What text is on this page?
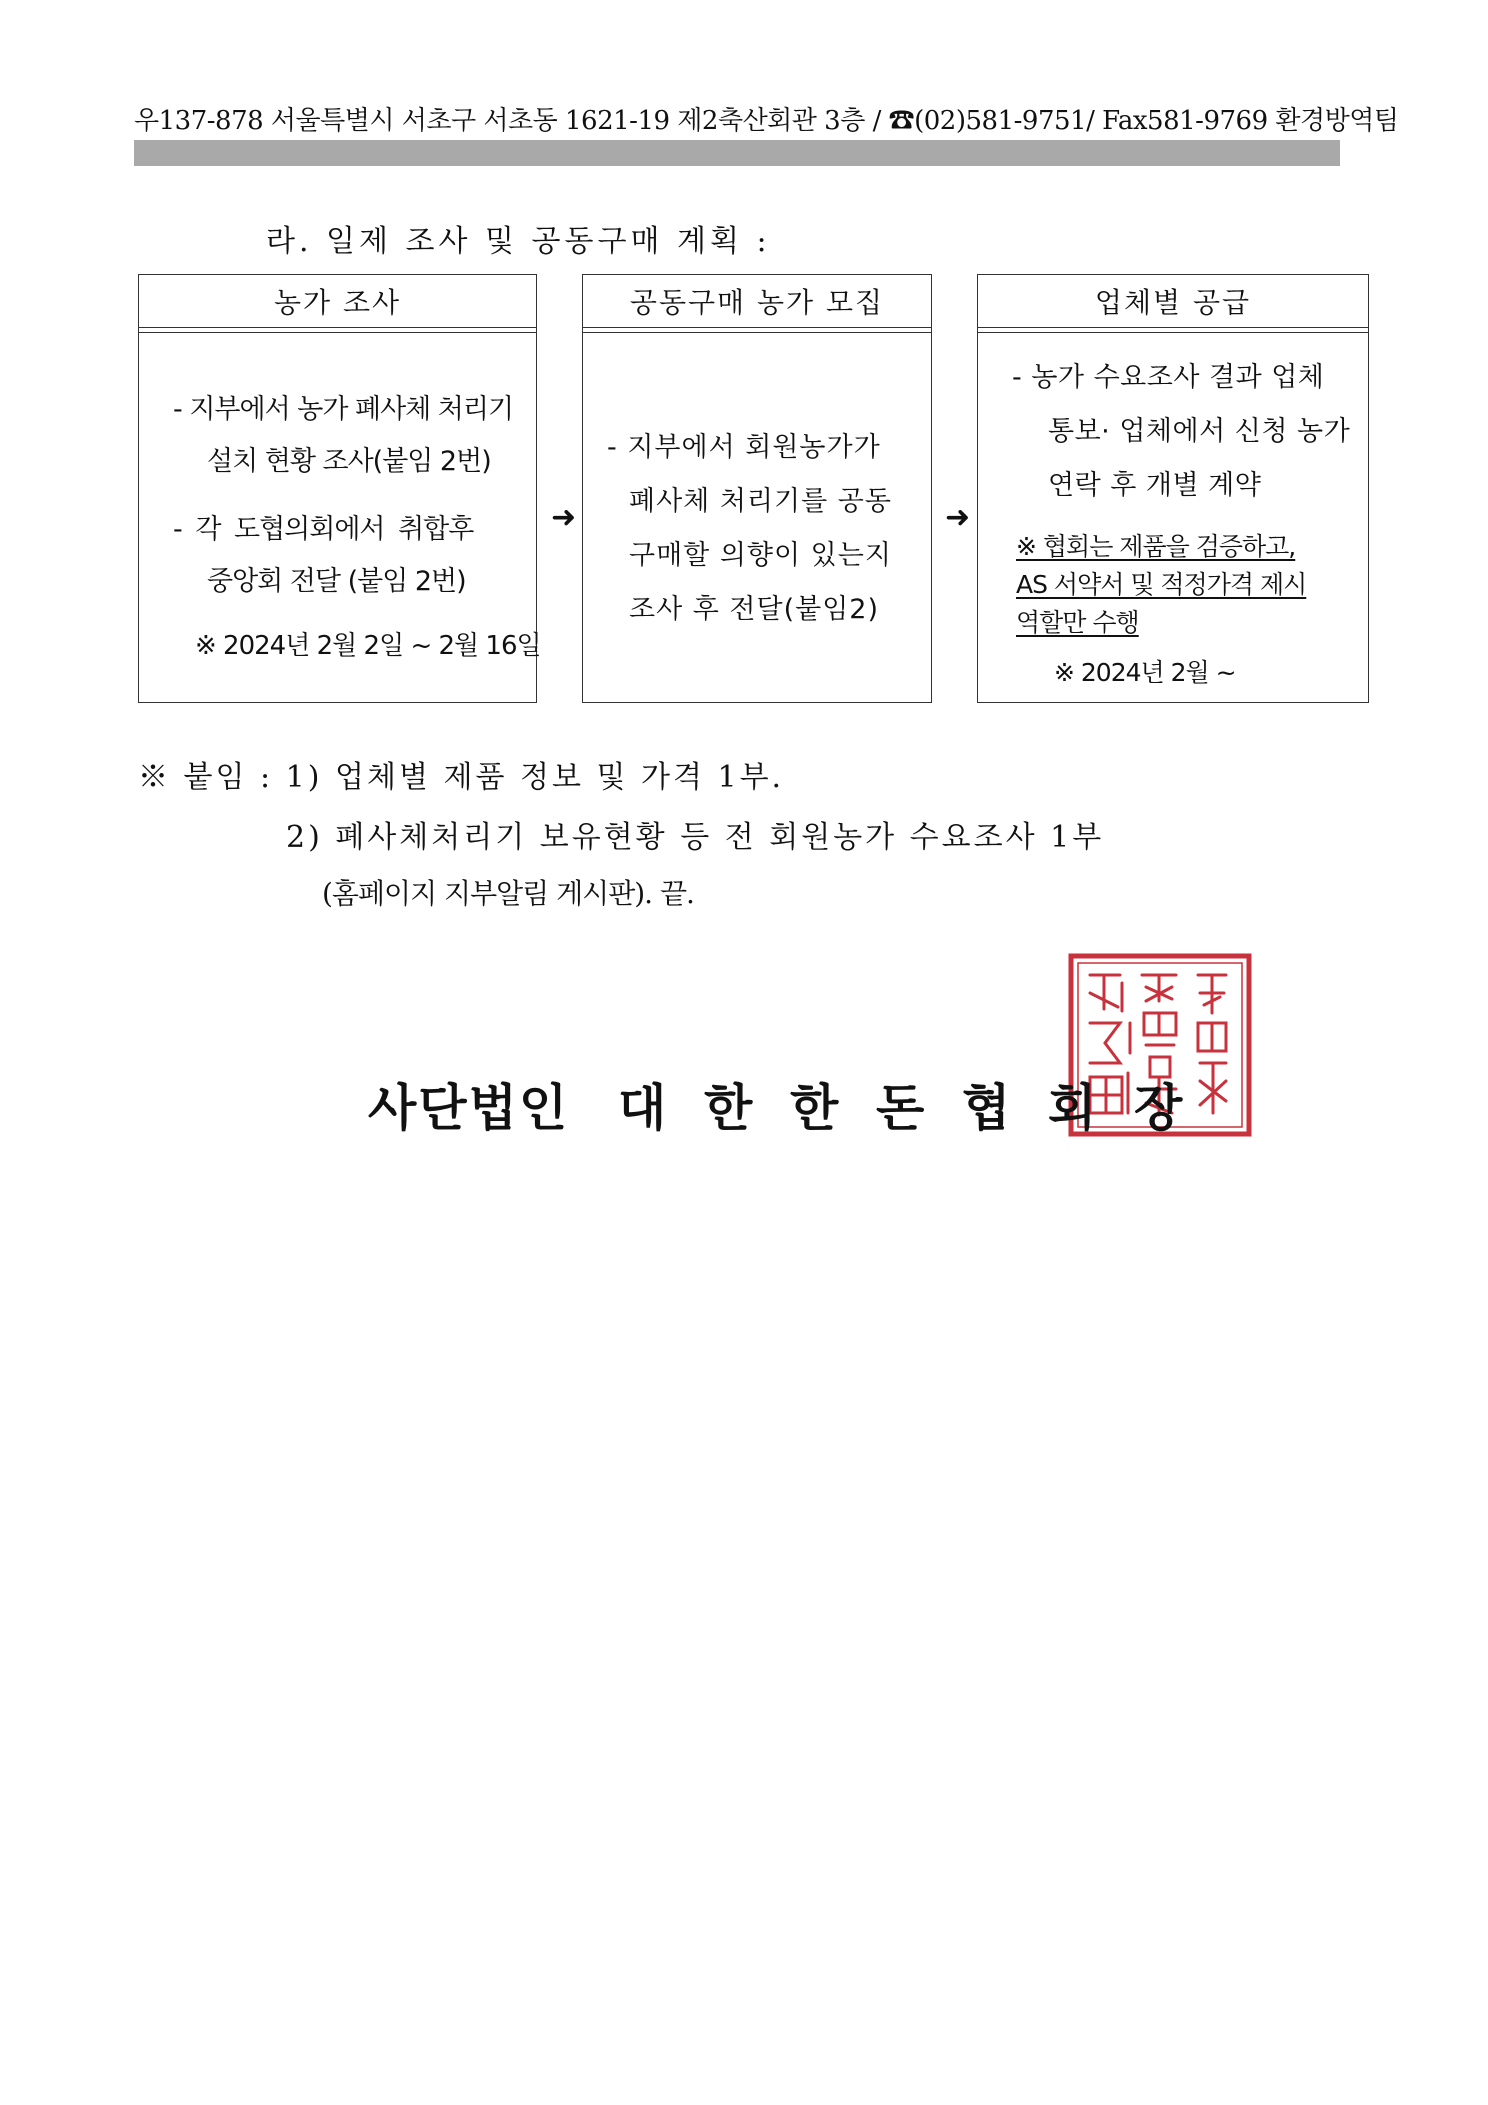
우137-878 서울특별시 서초구 서초동 1621-19 제2축산회관 3층 / ☎(02)581-9751/ Fax581-9769 환경방역팀
라. 일제 조사 및 공동구매 계획 :
농가 조사
- 지부에서 농가 폐사체 처리기
설치 현황 조사(붙임 2번)
- 각 도협의회에서 취합후
중앙회 전달 (붙임 2번)
※ 2024년 2월 2일 ~ 2월 16일
➜
공동구매 농가 모집
- 지부에서 회원농가가
폐사체 처리기를 공동
구매할 의향이 있는지
조사 후 전달(붙임2)
➜
업체별 공급
- 농가 수요조사 결과 업체
통보· 업체에서 신청 농가
연락 후 개별 계약
※ 협회는 제품을 검증하고,
AS 서약서 및 적정가격 제시
역할만 수행
※ 2024년 2월 ~
※ 붙임 : 1) 업체별 제품 정보 및 가격 1부.
2) 폐사체처리기 보유현황 등 전 회원농가 수요조사 1부
(홈페이지 지부알림 게시판). 끝.
사단법인 대 한 한 돈 협 회 장
